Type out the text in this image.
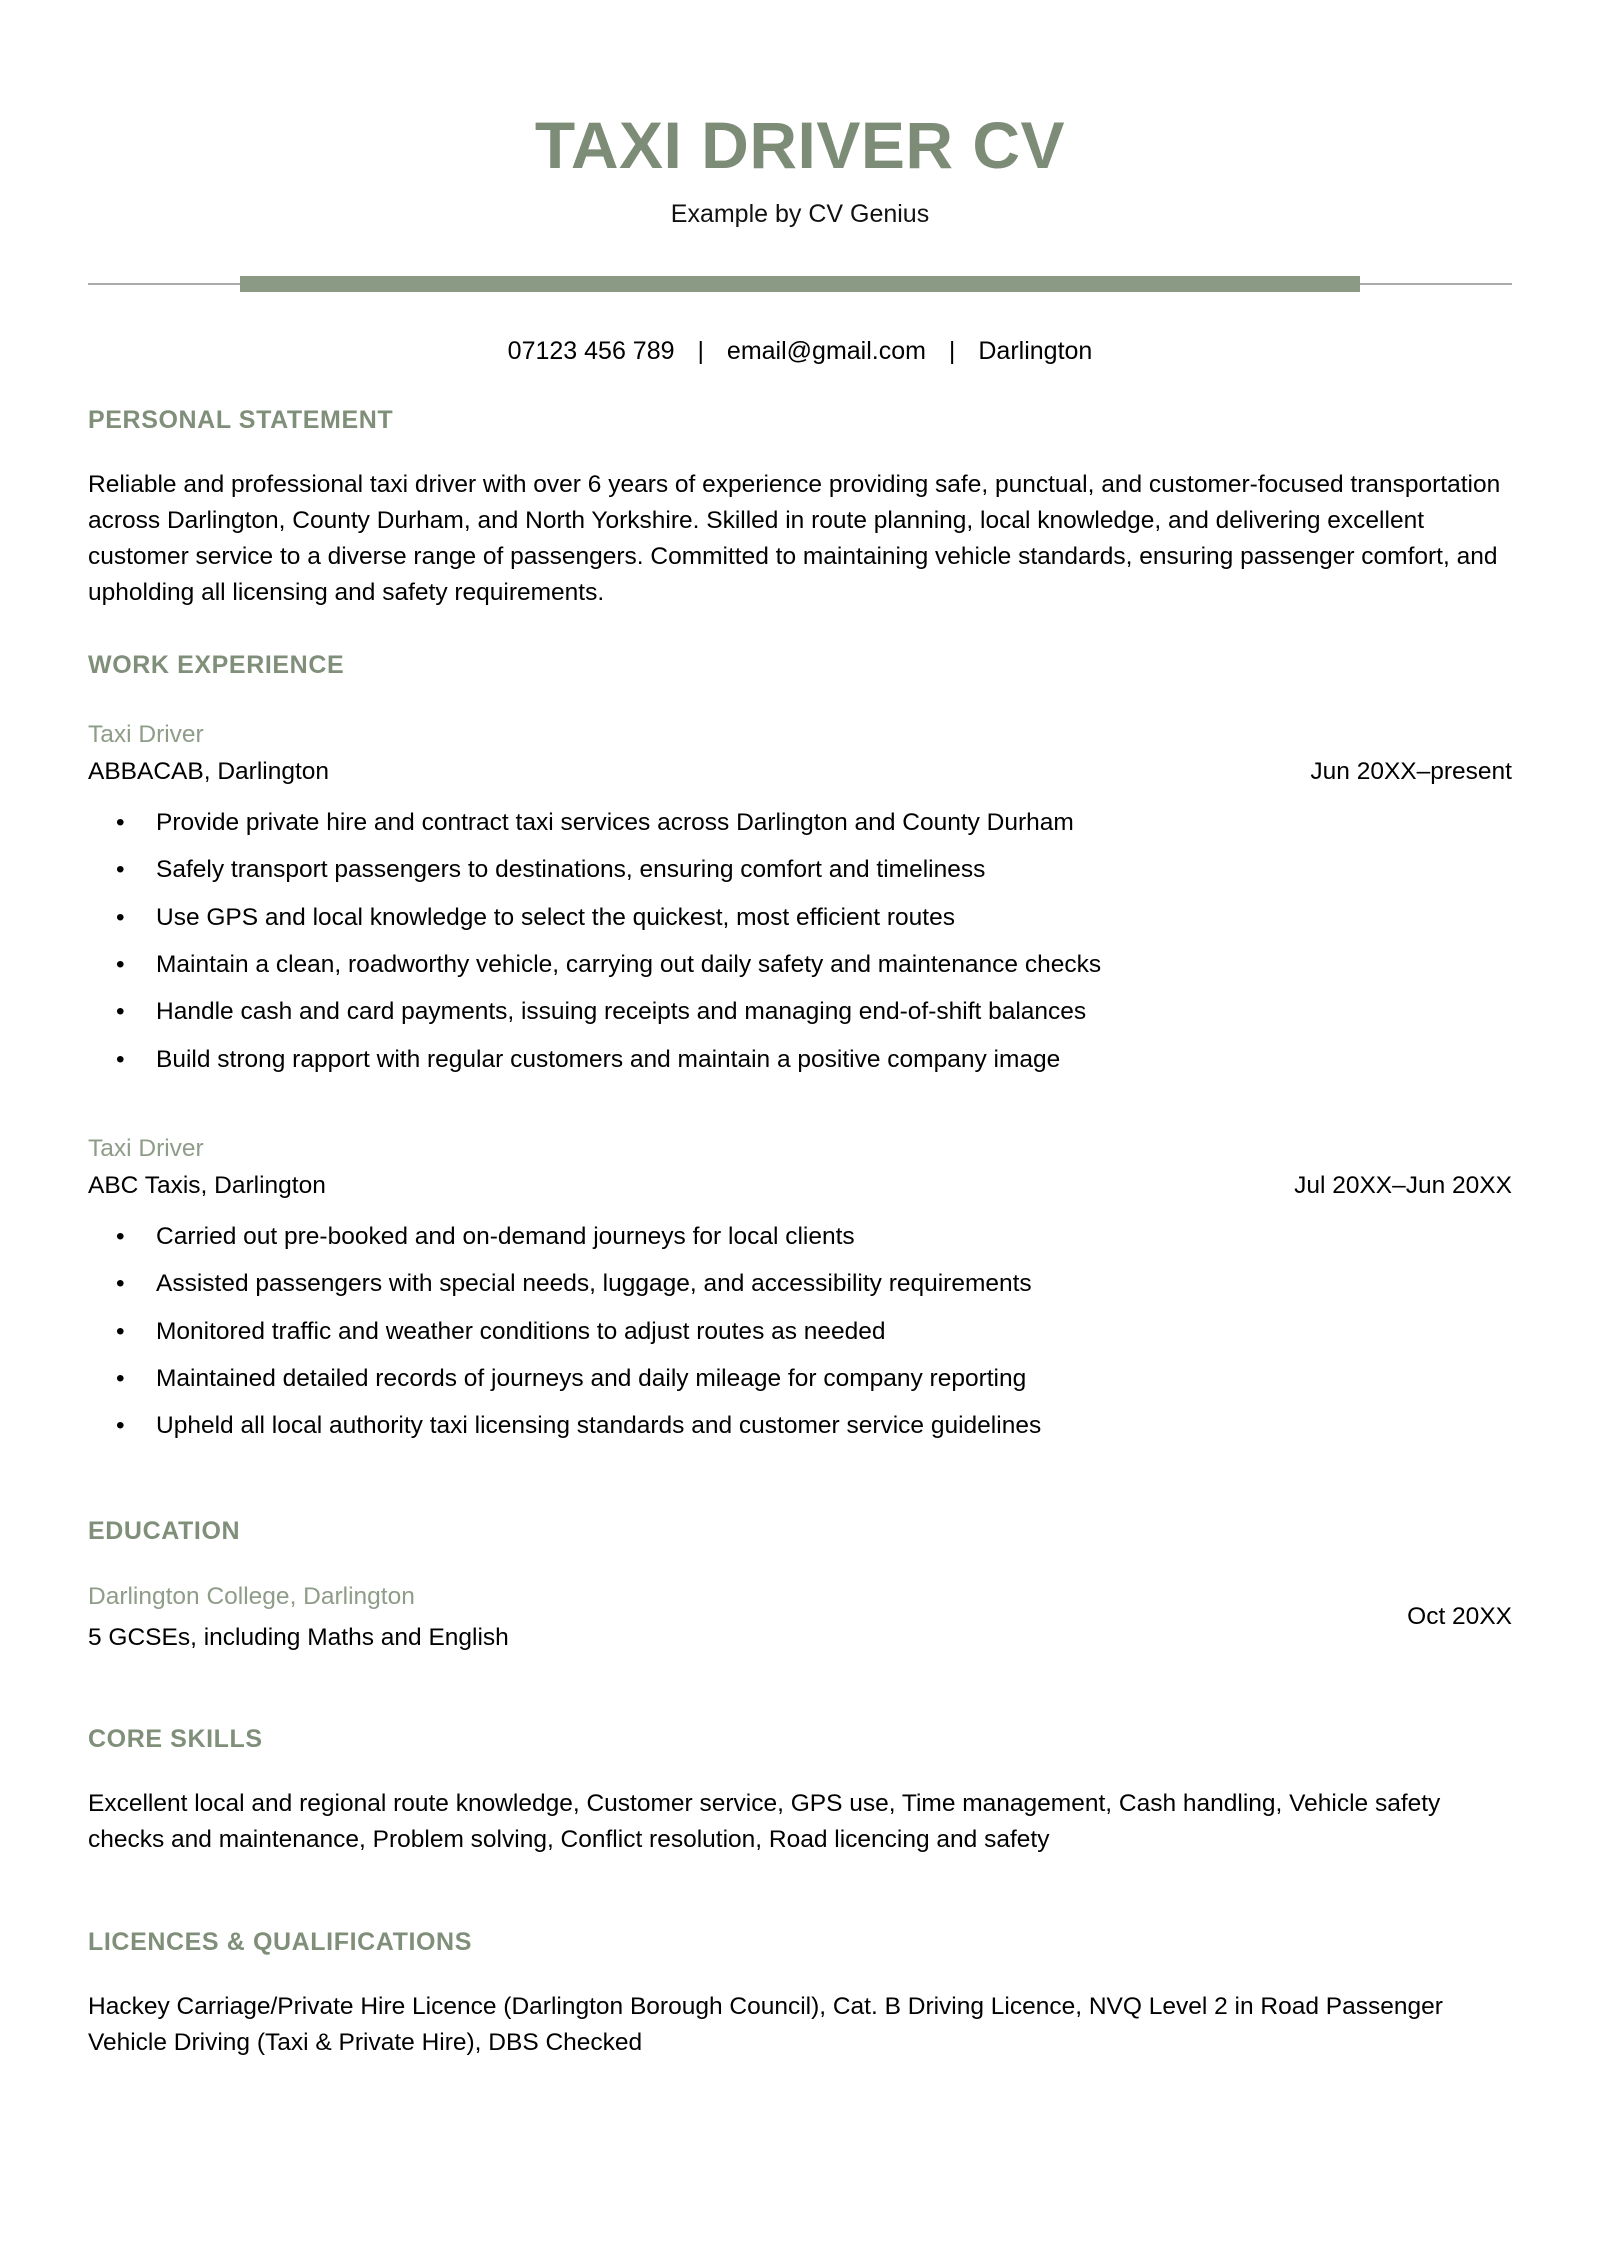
TAXI DRIVER CV

Example by CV Genius

07123 456 789 | email@gmail.com | Darlington
PERSONAL STATEMENT

Reliable and professional taxi driver with over 6 years of experience providing safe, punctual, and customer-focused transportation across Darlington, County Durham, and North Yorkshire. Skilled in route planning, local knowledge, and delivering excellent customer service to a diverse range of passengers. Committed to maintaining vehicle standards, ensuring passenger comfort, and upholding all licensing and safety requirements.

WORK EXPERIENCE

Taxi Driver

ABBACAB, Darlington	Jun 20XX–present
• Provide private hire and contract taxi services across Darlington and County Durham
• Safely transport passengers to destinations, ensuring comfort and timeliness
• Use GPS and local knowledge to select the quickest, most efficient routes
• Maintain a clean, roadworthy vehicle, carrying out daily safety and maintenance checks
• Handle cash and card payments, issuing receipts and managing end-of-shift balances
• Build strong rapport with regular customers and maintain a positive company image

Taxi Driver

ABC Taxis, Darlington	Jul 20XX–Jun 20XX
• Carried out pre-booked and on-demand journeys for local clients
• Assisted passengers with special needs, luggage, and accessibility requirements
• Monitored traffic and weather conditions to adjust routes as needed
• Maintained detailed records of journeys and daily mileage for company reporting
• Upheld all local authority taxi licensing standards and customer service guidelines
EDUCATION

Darlington College, Darlington

5 GCSEs, including Maths and English

Oct 20XX
CORE SKILLS

Excellent local and regional route knowledge, Customer service, GPS use, Time management, Cash handling, Vehicle safety checks and maintenance, Problem solving, Conflict resolution, Road licencing and safety

LICENCES & QUALIFICATIONS

Hackey Carriage/Private Hire Licence (Darlington Borough Council), Cat. B Driving Licence, NVQ Level 2 in Road Passenger Vehicle Driving (Taxi & Private Hire), DBS Checked
